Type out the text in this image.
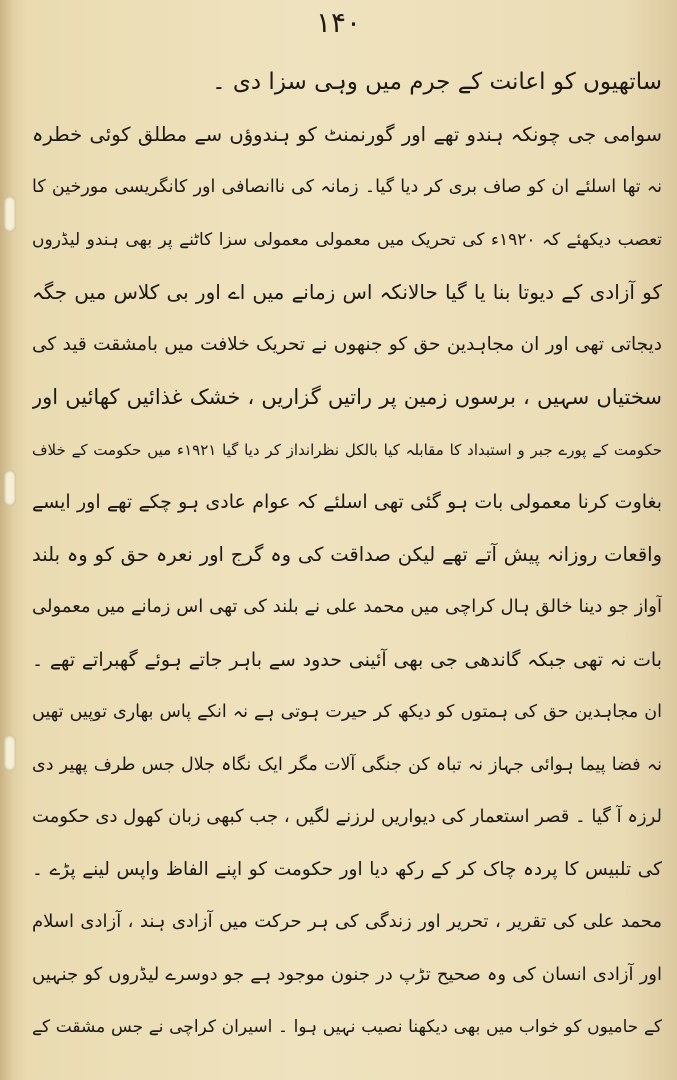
۱۴۰
ساتھیوں کو اعانت کے جرم میں وہی سزا دی ۔
سوامی جی چونکہ ہندو تھے اور گورنمنٹ کو ہندوؤں سے مطلق کوئی خطرہ
نہ تھا اسلئے ان کو صاف بری کر دیا گیا۔ زمانہ کی ناانصافی اور کانگریسی مورخین کا
تعصب دیکھئے کہ ۱۹۲۰ء کی تحریک میں معمولی معمولی سزا کاٹنے پر بھی ہندو لیڈروں
کو آزادی کے دیوتا بنا یا گیا حالانکہ اس زمانے میں اے اور بی کلاس میں جگہ
دیجاتی تھی اور ان مجاہدین حق کو جنھوں نے تحریک خلافت میں بامشقت قید کی
سختیاں سہیں ، برسوں زمین پر راتیں گزاریں ، خشک غذائیں کھائیں اور
حکومت کے پورے جبر و استبداد کا مقابلہ کیا بالکل نظرانداز کر دیا گیا ۱۹۲۱ء میں حکومت کے خلاف
بغاوت کرنا معمولی بات ہو گئی تھی اسلئے کہ عوام عادی ہو چکے تھے اور ایسے
واقعات روزانہ پیش آتے تھے لیکن صداقت کی وہ گرج اور نعرہ حق کو وہ بلند
آواز جو دینا خالق ہال کراچی میں محمد علی نے بلند کی تھی اس زمانے میں معمولی
بات نہ تھی جبکہ گاندھی جی بھی آئینی حدود سے باہر جاتے ہوئے گھبراتے تھے ۔
ان مجاہدین حق کی ہمتوں کو دیکھ کر حیرت ہوتی ہے نہ انکے پاس بھاری توپیں تھیں
نہ فضا پیما ہوائی جہاز نہ تباہ کن جنگی آلات مگر ایک نگاہ جلال جس طرف پھیر دی
لرزہ آ گیا ۔ قصر استعمار کی دیواریں لرزنے لگیں ، جب کبھی زبان کھول دی حکومت
کی تلبیس کا پردہ چاک کر کے رکھ دیا اور حکومت کو اپنے الفاظ واپس لینے پڑے ۔
محمد علی کی تقریر ، تحریر اور زندگی کی ہر حرکت میں آزادی ہند ، آزادی اسلام
اور آزادی انسان کی وہ صحیح تڑپ در جنون موجود ہے جو دوسرے لیڈروں کو جنہیں
کے حامیوں کو خواب میں بھی دیکھنا نصیب نہیں ہوا ۔ اسیران کراچی نے جس مشقت کے
